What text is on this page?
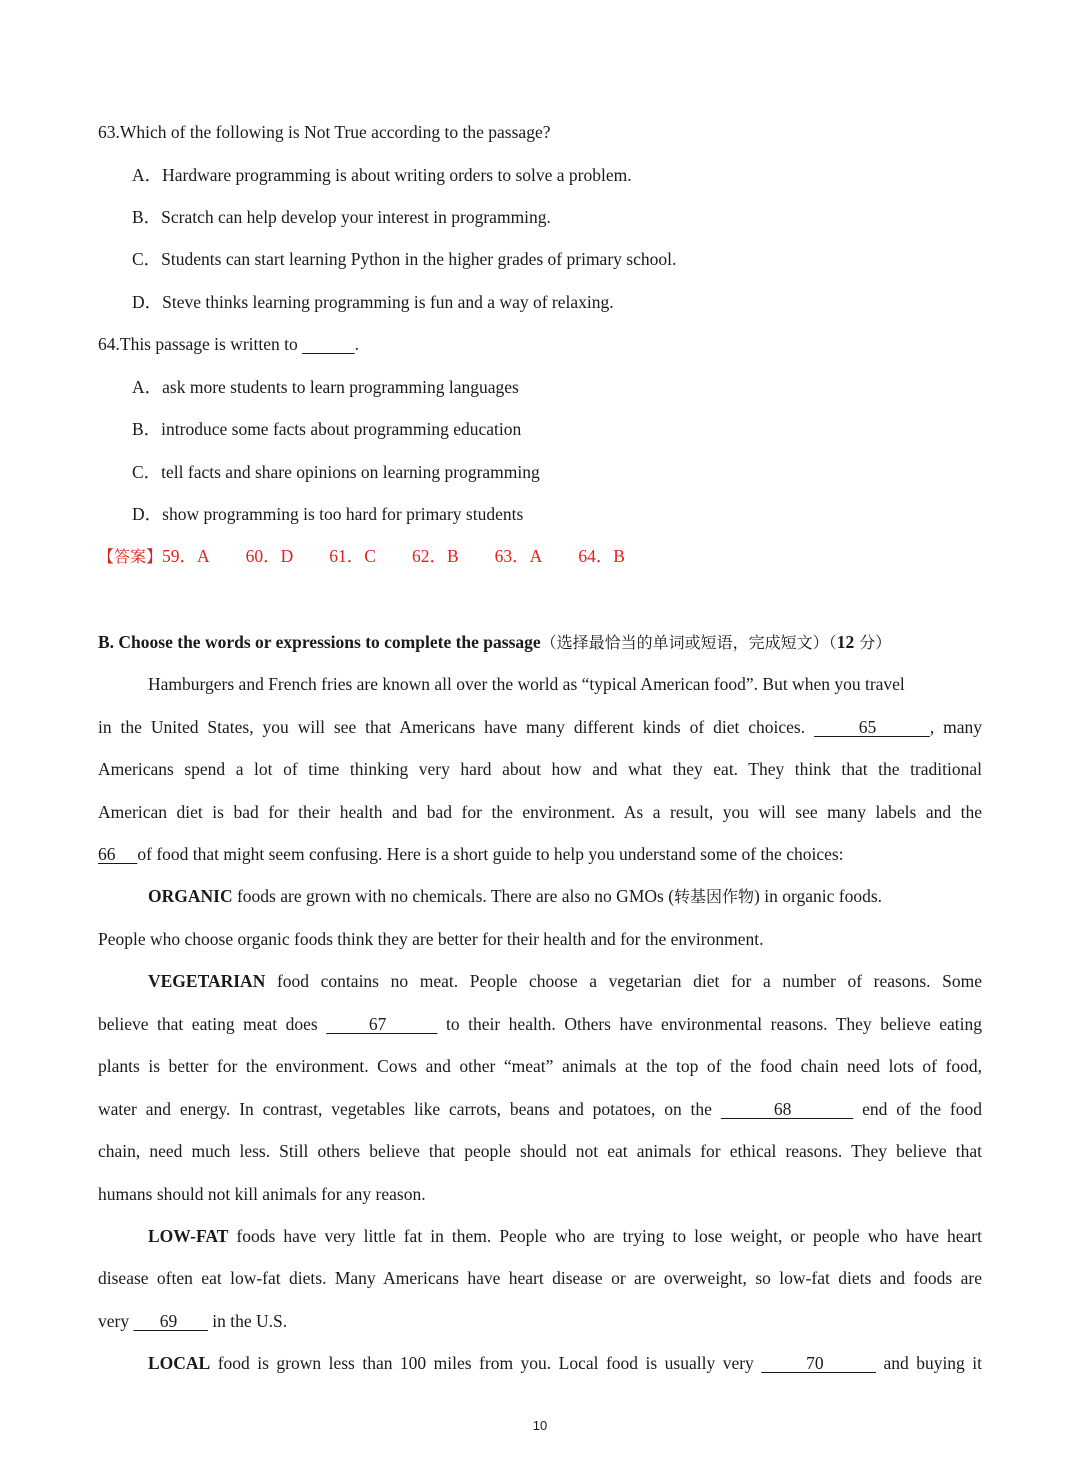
63.Which of the following is Not True according to the passage?
A．Hardware programming is about writing orders to solve a problem.
B．Scratch can help develop your interest in programming.
C．Students can start learning Python in the higher grades of primary school.
D．Steve thinks learning programming is fun and a way of relaxing.
64.This passage is written to	.
A．ask more students to learn programming languages
B．introduce some facts about programming education
C．tell facts and share opinions on learning programming
D．show programming is too hard for primary students
【答案】59．A 60．D 61．C 62．B 63．A 64．B
B. Choose the words or expressions to complete the passage（选择最恰当的单词或短语，完成短文）（12 分）
Hamburgers and French fries are known all over the world as “typical American food”. But when you travel
in the United States, you will see that Americans have many different kinds of diet choices.      65      , many
Americans spend a lot of time thinking very hard about how and what they eat. They think that the traditional
American diet is bad for their health and bad for the environment. As a result, you will see many labels and the
66     of food that might seem confusing. Here is a short guide to help you understand some of the choices:
ORGANIC foods are grown with no chemicals. There are also no GMOs (转基因作物) in organic foods.
People who choose organic foods think they are better for their health and for the environment.
VEGETARIAN food contains no meat. People choose a vegetarian diet for a number of reasons. Some
believe that eating meat does      67       to their health. Others have environmental reasons. They believe eating
plants is better for the environment. Cows and other “meat” animals at the top of the food chain need lots of food,
water and energy. In contrast, vegetables like carrots, beans and potatoes, on the       68        end of the food
chain, need much less. Still others believe that people should not eat animals for ethical reasons. They believe that
humans should not kill animals for any reason.
LOW-FAT foods have very little fat in them. People who are trying to lose weight, or people who have heart
disease often eat low-fat diets. Many Americans have heart disease or are overweight, so low-fat diets and foods are
very       69        in the U.S.
LOCAL food is grown less than 100 miles from you. Local food is usually very       70        and buying it
10
